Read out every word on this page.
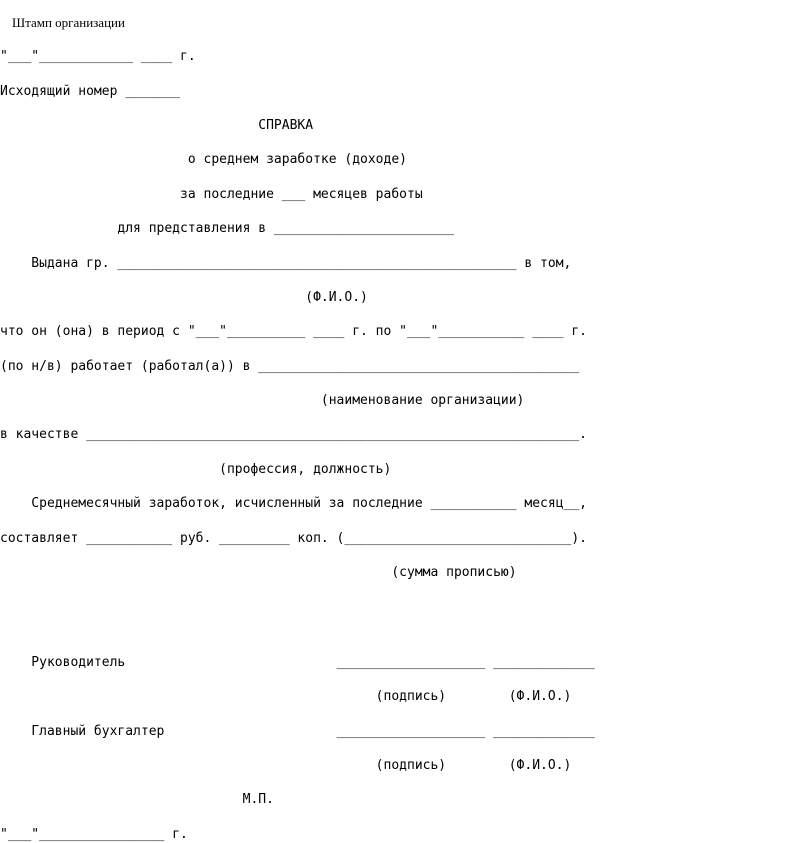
Штамп организации
"___"____________ ____ г.
Исходящий номер _______
СПРАВКА
о среднем заработке (доходе)
за последние ___ месяцев работы
для представления в _______________________
Выдана гр. ___________________________________________________ в том,
(Ф.И.О.)
что он (она) в период с "___"__________ ____ г. по "___"___________ ____ г.
(по н/в) работает (работал(а)) в _________________________________________
(наименование организации)
в качестве _______________________________________________________________.
(профессия, должность)
Среднемесячный заработок, исчисленный за последние ___________ месяц__,
составляет ___________ руб. _________ коп. (_____________________________).
(сумма прописью)
Руководитель                           ___________________ _____________
(подпись)        (Ф.И.О.)
Главный бухгалтер                      ___________________ _____________
(подпись)        (Ф.И.О.)
М.П.
"___"________________ г.
